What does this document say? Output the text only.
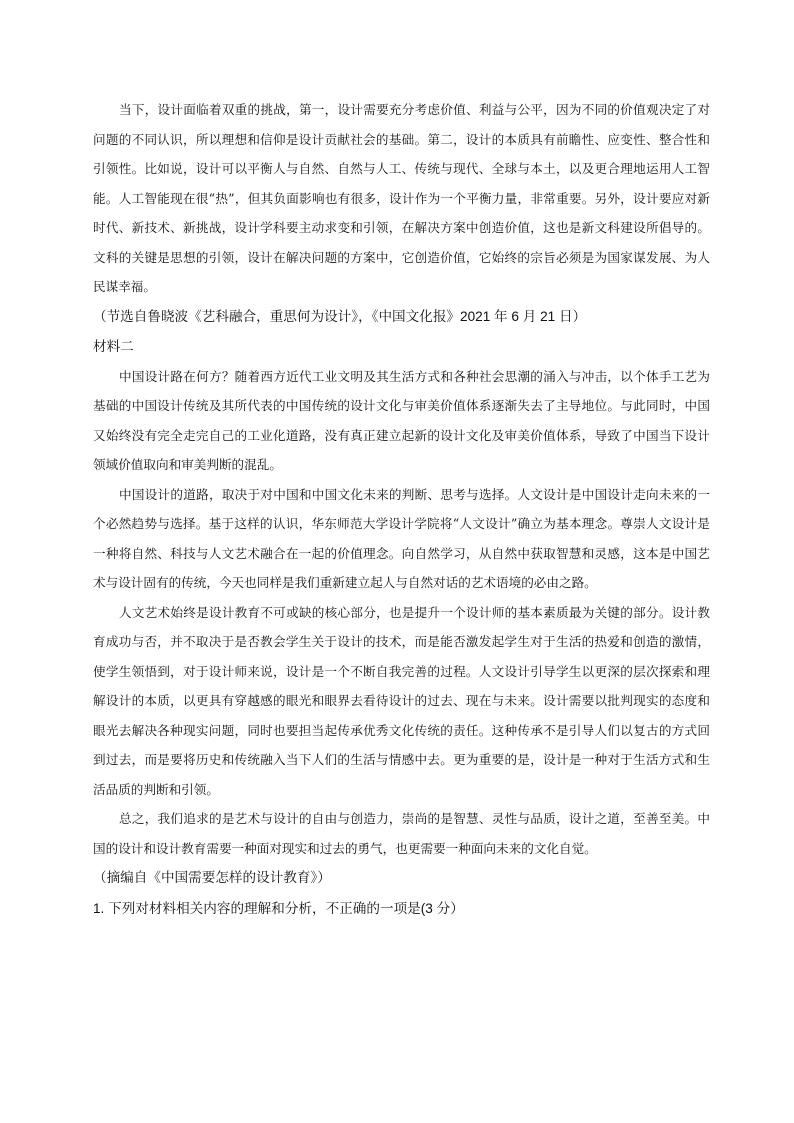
当下，设计面临着双重的挑战，第一，设计需要充分考虑价值、利益与公平，因为不同的价值观决定了对问题的不同认识，所以理想和信仰是设计贡献社会的基础。第二，设计的本质具有前瞻性、应变性、整合性和引领性。比如说，设计可以平衡人与自然、自然与人工、传统与现代、全球与本土，以及更合理地运用人工智能。人工智能现在很“热”，但其负面影响也有很多，设计作为一个平衡力量，非常重要。另外，设计要应对新时代、新技术、新挑战，设计学科要主动求变和引领，在解决方案中创造价值，这也是新文科建设所倡导的。文科的关键是思想的引领，设计在解决问题的方案中，它创造价值，它始终的宗旨必须是为国家谋发展、为人民谋幸福。

（节选自鲁晓波《艺科融合，重思何为设计》，《中国文化报》2021 年 6 月 21 日）

材料二

中国设计路在何方？随着西方近代工业文明及其生活方式和各种社会思潮的涌入与冲击，以个体手工艺为基础的中国设计传统及其所代表的中国传统的设计文化与审美价值体系逐渐失去了主导地位。与此同时，中国又始终没有完全走完自己的工业化道路，没有真正建立起新的设计文化及审美价值体系，导致了中国当下设计领域价值取向和审美判断的混乱。

中国设计的道路，取决于对中国和中国文化未来的判断、思考与选择。人文设计是中国设计走向未来的一个必然趋势与选择。基于这样的认识，华东师范大学设计学院将“人文设计”确立为基本理念。尊崇人文设计是一种将自然、科技与人文艺术融合在一起的价值理念。向自然学习，从自然中获取智慧和灵感，这本是中国艺术与设计固有的传统，今天也同样是我们重新建立起人与自然对话的艺术语境的必由之路。

人文艺术始终是设计教育不可或缺的核心部分，也是提升一个设计师的基本素质最为关键的部分。设计教育成功与否，并不取决于是否教会学生关于设计的技术，而是能否激发起学生对于生活的热爱和创造的激情，使学生领悟到，对于设计师来说，设计是一个不断自我完善的过程。人文设计引导学生以更深的层次探索和理解设计的本质，以更具有穿越感的眼光和眼界去看待设计的过去、现在与未来。设计需要以批判现实的态度和眼光去解决各种现实问题，同时也要担当起传承优秀文化传统的责任。这种传承不是引导人们以复古的方式回到过去，而是要将历史和传统融入当下人们的生活与情感中去。更为重要的是，设计是一种对于生活方式和生活品质的判断和引领。

总之，我们追求的是艺术与设计的自由与创造力，崇尚的是智慧、灵性与品质，设计之道，至善至美。中国的设计和设计教育需要一种面对现实和过去的勇气，也更需要一种面向未来的文化自觉。

（摘编自《中国需要怎样的设计教育》）

1. 下列对材料相关内容的理解和分析，不正确的一项是(3 分）
